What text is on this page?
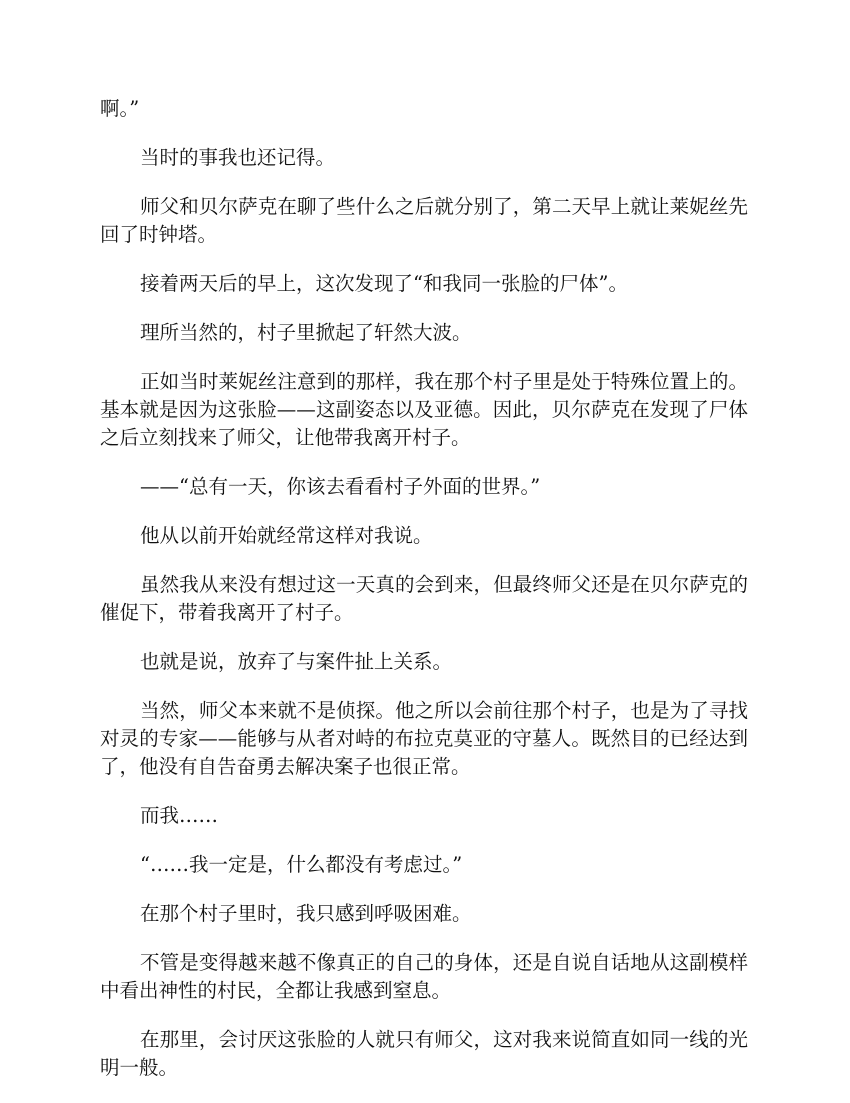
啊。”

当时的事我也还记得。

师父和贝尔萨克在聊了些什么之后就分别了，第二天早上就让莱妮丝先回了时钟塔。

接着两天后的早上，这次发现了“和我同一张脸的尸体”。

理所当然的，村子里掀起了轩然大波。

正如当时莱妮丝注意到的那样，我在那个村子里是处于特殊位置上的。基本就是因为这张脸——这副姿态以及亚德。因此，贝尔萨克在发现了尸体之后立刻找来了师父，让他带我离开村子。

——“总有一天，你该去看看村子外面的世界。”

他从以前开始就经常这样对我说。

虽然我从来没有想过这一天真的会到来，但最终师父还是在贝尔萨克的催促下，带着我离开了村子。

也就是说，放弃了与案件扯上关系。

当然，师父本来就不是侦探。他之所以会前往那个村子，也是为了寻找对灵的专家——能够与从者对峙的布拉克莫亚的守墓人。既然目的已经达到了，他没有自告奋勇去解决案子也很正常。

而我……

“……我一定是，什么都没有考虑过。”

在那个村子里时，我只感到呼吸困难。

不管是变得越来越不像真正的自己的身体，还是自说自话地从这副模样中看出神性的村民，全都让我感到窒息。

在那里，会讨厌这张脸的人就只有师父，这对我来说简直如同一线的光明一般。
